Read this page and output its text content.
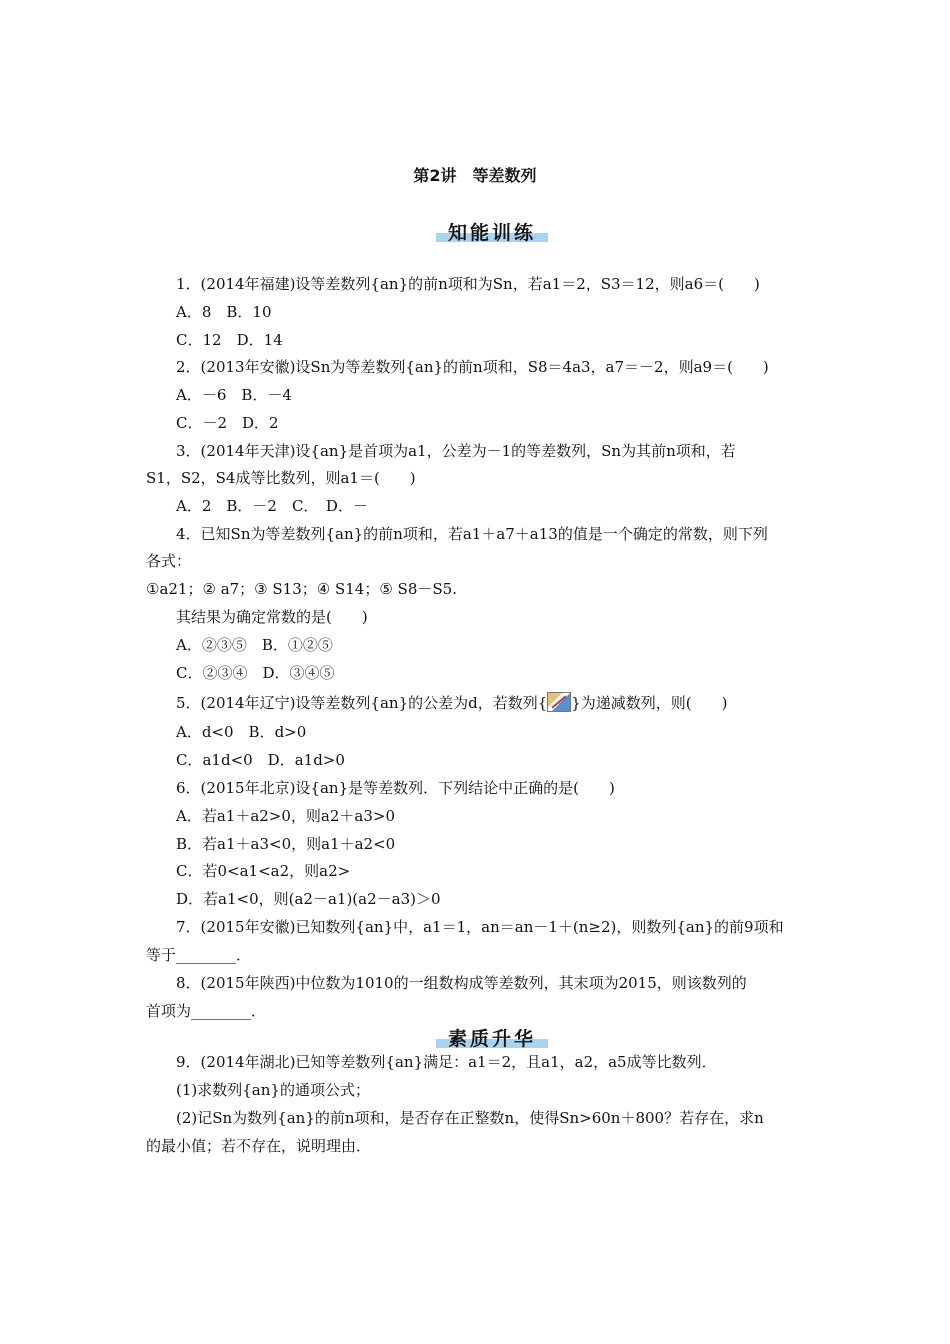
第2讲　等差数列
知能训练
1．(2014年福建)设等差数列{an}的前n项和为Sn，若a1＝2，S3＝12，则a6＝(　　)
A．8　B．10
C．12　D．14
2．(2013年安徽)设Sn为等差数列{an}的前n项和，S8＝4a3，a7＝－2，则a9＝(　　)
A．－6　B．－4
C．－2　D．2
3．(2014年天津)设{an}是首项为a1，公差为－1的等差数列，Sn为其前n项和，若
S1，S2，S4成等比数列，则a1＝(　　)
A．2　B．－2　C．　D．－
4．已知Sn为等差数列{an}的前n项和，若a1＋a7＋a13的值是一个确定的常数，则下列
各式：
①a21；② a7；③ S13；④ S14；⑤ S8－S5.
其结果为确定常数的是(　　)
A．②③⑤　B．①②⑤
C．②③④　D．③④⑤
5．(2014年辽宁)设等差数列{an}的公差为d，若数列{ }为递减数列，则(　　)
A．d<0　B．d>0
C．a1d<0　D．a1d>0
6．(2015年北京)设{an}是等差数列．下列结论中正确的是(　　)
A．若a1＋a2>0，则a2＋a3>0
B．若a1＋a3<0，则a1＋a2<0
C．若0<a1<a2，则a2>
D．若a1<0，则(a2－a1)(a2－a3)＞0
7．(2015年安徽)已知数列{an}中，a1＝1，an＝an－1＋(n≥2)，则数列{an}的前9项和
等于________．
8．(2015年陕西)中位数为1010的一组数构成等差数列，其末项为2015，则该数列的
首项为________．
素质升华
9．(2014年湖北)已知等差数列{an}满足：a1＝2，且a1，a2，a5成等比数列．
(1)求数列{an}的通项公式；
(2)记Sn为数列{an}的前n项和，是否存在正整数n，使得Sn>60n＋800？若存在，求n
的最小值；若不存在，说明理由．
